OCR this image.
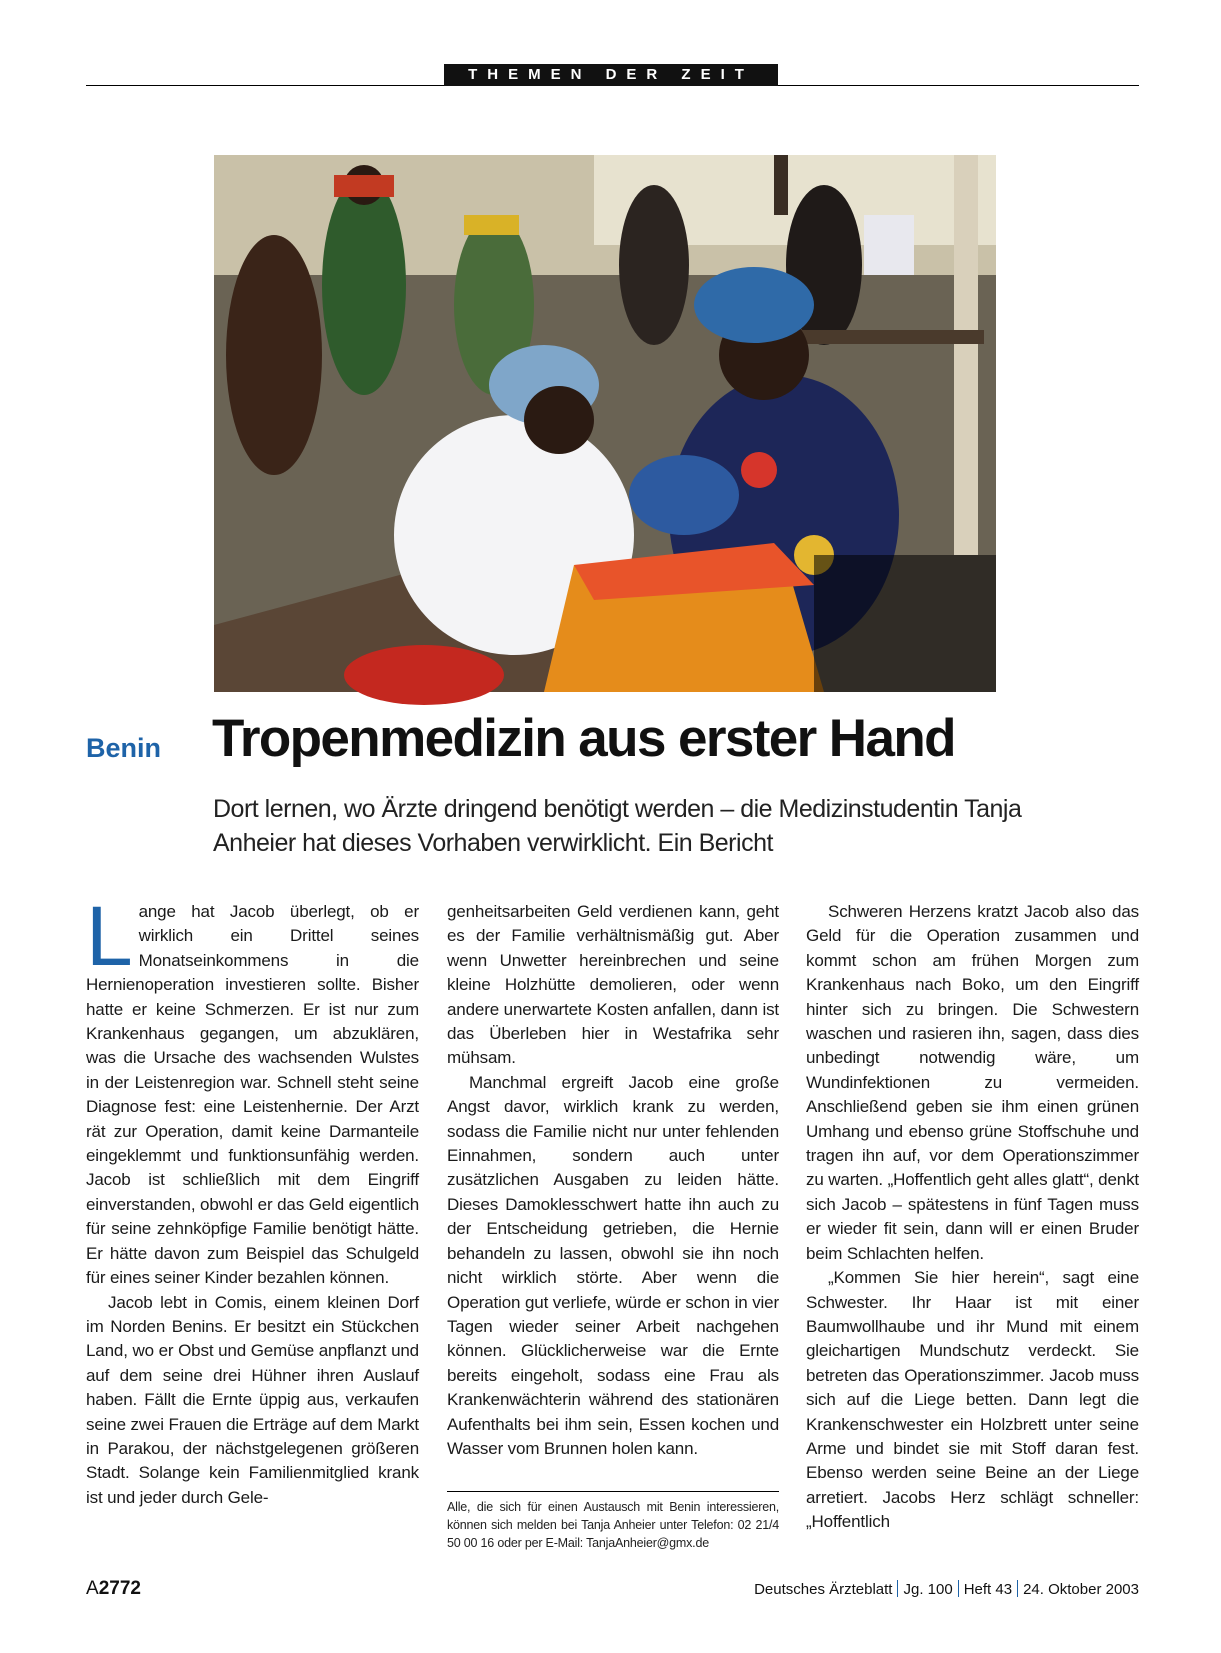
THEMEN DER ZEIT
Jeden Mittwoch ist Impfsprech-stunde im „Hôpital St. Jean de Dieu“ in Boko.
Benin Tropenmedizin aus erster Hand
Dort lernen, wo Ärzte dringend benötigt werden – die Medizinstudentin Tanja Anheier hat dieses Vorhaben verwirklicht. Ein Bericht

Lange hat Jacob überlegt, ob er wirklich ein Drittel seines Monatseinkommens in die Hernienoperation investieren sollte. Bisher hatte er keine Schmerzen. Er ist nur zum Krankenhaus gegangen, um abzuklären, was die Ursache des wachsenden Wulstes in der Leistenregion war. Schnell steht seine Diagnose fest: eine Leistenhernie. Der Arzt rät zur Operation, damit keine Darmanteile eingeklemmt und funktionsunfähig werden. Jacob ist schließlich mit dem Eingriff einverstanden, obwohl er das Geld eigentlich für seine zehnköpfige Familie benötigt hätte. Er hätte davon zum Beispiel das Schulgeld für eines seiner Kinder bezahlen können.

Jacob lebt in Comis, einem kleinen Dorf im Norden Benins. Er besitzt ein Stückchen Land, wo er Obst und Gemüse anpflanzt und auf dem seine drei Hühner ihren Auslauf haben. Fällt die Ernte üppig aus, verkaufen seine zwei Frauen die Erträge auf dem Markt in Parakou, der nächstgelegenen größeren Stadt. Solange kein Familienmitglied krank ist und jeder durch Gele-

genheitsarbeiten Geld verdienen kann, geht es der Familie verhältnismäßig gut. Aber wenn Unwetter hereinbrechen und seine kleine Holzhütte demolieren, oder wenn andere unerwartete Kosten anfallen, dann ist das Überleben hier in Westafrika sehr mühsam.

Manchmal ergreift Jacob eine große Angst davor, wirklich krank zu werden, sodass die Familie nicht nur unter fehlenden Einnahmen, sondern auch unter zusätzlichen Ausgaben zu leiden hätte. Dieses Damoklesschwert hatte ihn auch zu der Entscheidung getrieben, die Hernie behandeln zu lassen, obwohl sie ihn noch nicht wirklich störte. Aber wenn die Operation gut verliefe, würde er schon in vier Tagen wieder seiner Arbeit nachgehen können. Glücklicherweise war die Ernte bereits eingeholt, sodass eine Frau als Krankenwächterin während des stationären Aufenthalts bei ihm sein, Essen kochen und Wasser vom Brunnen holen kann.

Alle, die sich für einen Austausch mit Benin interessieren, können sich melden bei Tanja Anheier unter Telefon: 02 21/4 50 00 16 oder per E-Mail: TanjaAnheier@gmx.de

Schweren Herzens kratzt Jacob also das Geld für die Operation zusammen und kommt schon am frühen Morgen zum Krankenhaus nach Boko, um den Eingriff hinter sich zu bringen. Die Schwestern waschen und rasieren ihn, sagen, dass dies unbedingt notwendig wäre, um Wundinfektionen zu vermeiden. Anschließend geben sie ihm einen grünen Umhang und ebenso grüne Stoffschuhe und tragen ihn auf, vor dem Operationszimmer zu warten. „Hoffentlich geht alles glatt“, denkt sich Jacob – spätestens in fünf Tagen muss er wieder fit sein, dann will er einen Bruder beim Schlachten helfen.

„Kommen Sie hier herein“, sagt eine Schwester. Ihr Haar ist mit einer Baumwollhaube und ihr Mund mit einem gleichartigen Mundschutz verdeckt. Sie betreten das Operationszimmer. Jacob muss sich auf die Liege betten. Dann legt die Krankenschwester ein Holzbrett unter seine Arme und bindet sie mit Stoff daran fest. Ebenso werden seine Beine an der Liege arretiert. Jacobs Herz schlägt schneller: „Hoffentlich

A2772	Deutsches Ärzteblatt Jg. 100 Heft 43 24. Oktober 2003
